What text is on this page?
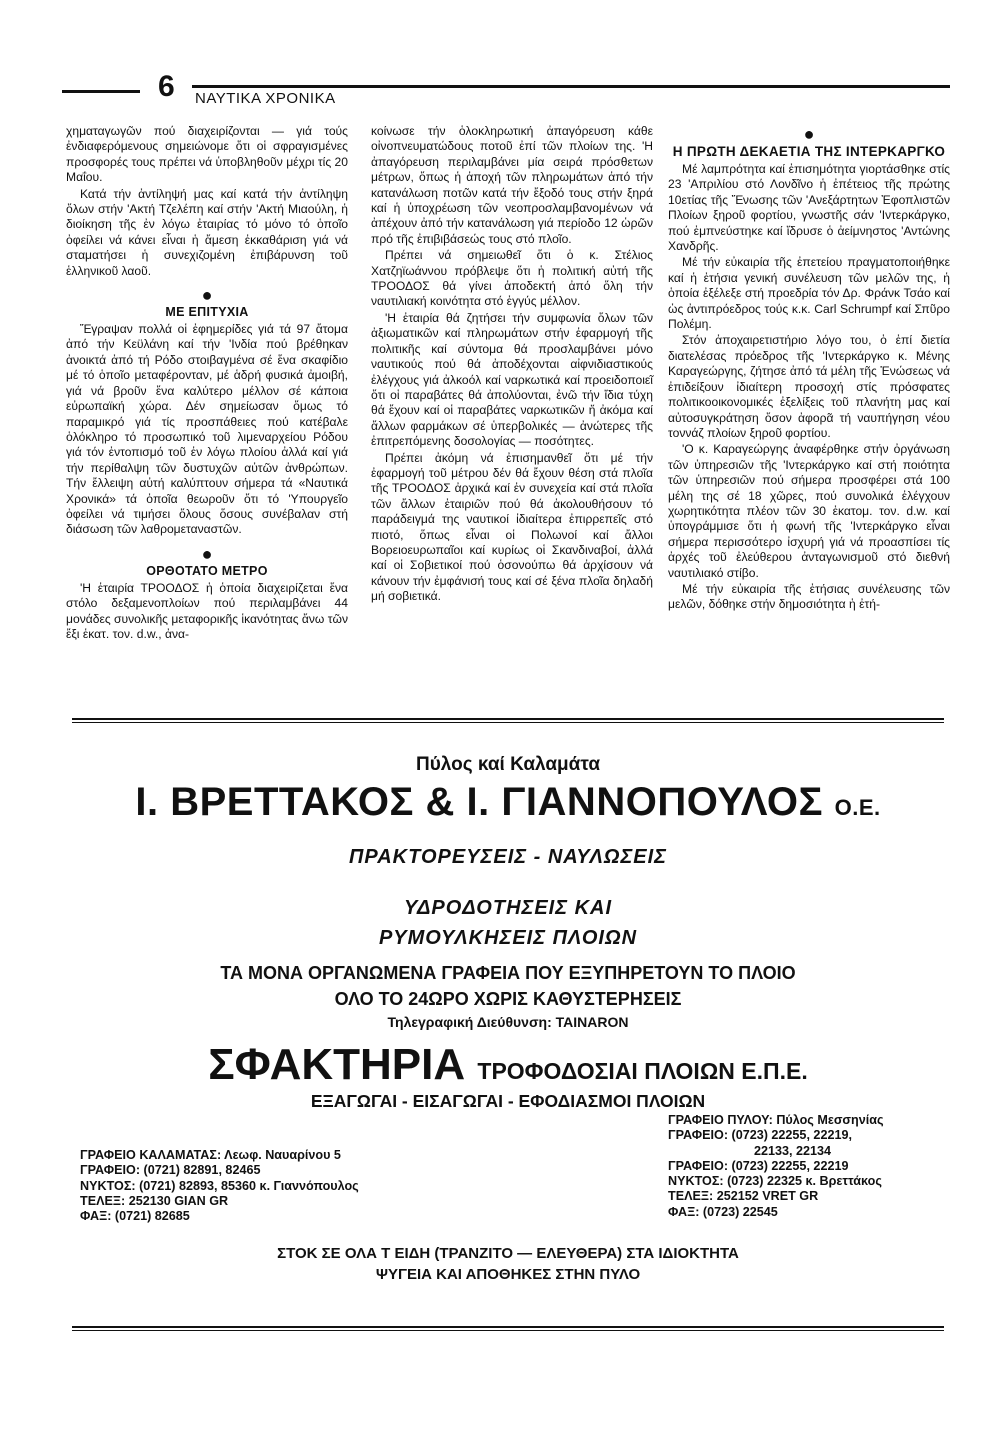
6 ΝΑΥΤΙΚΑ ΧΡΟΝΙΚΑ

χηματαγωγῶν πού διαχειρίζονται — γιά τούς ἐνδιαφερόμενους σημειώνομε ὅτι οἱ σφραγισμένες προσφορές τους πρέπει νά ὑποβληθοῦν μέχρι τίς 20 Μαΐου.

Κατά τήν ἀντίληψή μας καί κατά τήν ἀντίληψη ὅλων στήν 'Ακτή Τζελέπη καί στήν 'Ακτή Μιαούλη, ἡ διοίκηση τῆς ἐν λόγω ἐταιρίας τό μόνο τό ὁποῖο ὀφείλει νά κάνει εἶναι ἡ ἄμεση ἐκκαθάριση γιά νά σταματήσει ἡ συνεχιζομένη ἐπιβάρυνση τοῦ ἑλληνικοῦ λαοῦ.

●
ΜΕ ΕΠΙΤΥΧΙΑ

Ἔγραψαν πολλά οἱ ἐφημερίδες γιά τά 97 ἄτομα ἀπό τήν Κεϋλάνη καί τήν 'Ινδία πού βρέθηκαν ἀνοικτά ἀπό τή Ρόδο στοιβαγμένα σέ ἕνα σκαφίδιο μέ τό ὁποῖο μεταφέρονταν, μέ ἁδρή φυσικά ἀμοιβή, γιά νά βροῦν ἕνα καλύτερο μέλλον σέ κάποια εὐρωπαϊκή χώρα. Δέν σημείωσαν ὅμως τό παραμικρό γιά τίς προσπάθειες πού κατέβαλε ὁλόκληρο τό προσωπικό τοῦ λιμεναρχείου Ρόδου γιά τόν ἐντοπισμό τοῦ ἐν λόγω πλοίου ἀλλά καί γιά τήν περίθαλψη τῶν δυστυχῶν αὐτῶν ἀνθρώπων. Τήν ἔλλειψη αὐτή καλύπτουν σήμερα τά «Ναυτικά Χρονικά» τά ὁποῖα θεωροῦν ὅτι τό 'Υπουργεῖο ὀφείλει νά τιμήσει ὅλους ὅσους συνέβαλαν στή διάσωση τῶν λαθρομεταναστῶν.

●
ΟΡΘΟΤΑΤΟ ΜΕΤΡΟ

'Η ἐταιρία ΤΡΟΟΔΟΣ ἡ ὁποία διαχειρίζεται ἕνα στόλο δεξαμενοπλοίων πού περιλαμβάνει 44 μονάδες συνολικῆς μεταφορικῆς ἱκανότητας ἄνω τῶν ἔξι ἑκατ. τον. d.w., ἀνα-

κοίνωσε τήν ὁλοκληρωτική ἀπαγόρευση κάθε οἰνοπνευματώδους ποτοῦ ἐπί τῶν πλοίων της. 'Η ἀπαγόρευση περιλαμβάνει μία σειρά πρόσθετων μέτρων, ὅπως ἡ ἀποχή τῶν πληρωμάτων ἀπό τήν κατανάλωση ποτῶν κατά τήν ἔξοδό τους στήν ξηρά καί ἡ ὑποχρέωση τῶν νεοπροσλαμβανομένων νά ἀπέχουν ἀπό τήν κατανάλωση γιά περίοδο 12 ὡρῶν πρό τῆς ἐπιβιβάσεώς τους στό πλοῖο.

Πρέπει νά σημειωθεῖ ὅτι ὁ κ. Στέλιος Χατζηϊωάννου πρόβλεψε ὅτι ἡ πολιτική αὐτή τῆς ΤΡΟΟΔΟΣ θά γίνει ἀποδεκτή ἀπό ὅλη τήν ναυτιλιακή κοινότητα στό ἐγγύς μέλλον.

'Η ἐταιρία θά ζητήσει τήν συμφωνία ὅλων τῶν ἀξιωματικῶν καί πληρωμάτων στήν ἐφαρμογή τῆς πολιτικῆς καί σύντομα θά προσλαμβάνει μόνο ναυτικούς πού θά ἀποδέχονται αἰφνιδιαστικούς ἐλέγχους γιά ἀλκοόλ καί ναρκωτικά καί προειδοποιεῖ ὅτι οἱ παραβάτες θά ἀπολύονται, ἐνῶ τήν ἴδια τύχη θά ἔχουν καί οἱ παραβάτες ναρκωτικῶν ἤ ἀκόμα καί ἄλλων φαρμάκων σέ ὑπερβολικές — ἀνώτερες τῆς ἐπιτρεπόμενης δοσολογίας — ποσότητες.

Πρέπει ἀκόμη νά ἐπισημανθεῖ ὅτι μέ τήν ἐφαρμογή τοῦ μέτρου δέν θά ἔχουν θέση στά πλοῖα τῆς ΤΡΟΟΔΟΣ ἀρχικά καί ἐν συνεχεία καί στά πλοῖα τῶν ἄλλων ἐταιριῶν πού θά ἀκολουθήσουν τό παράδειγμά της ναυτικοί ἰδιαίτερα ἐπιρρεπεῖς στό πιοτό, ὅπως εἶναι οἱ Πολωνοί καί ἄλλοι Βορειοευρωπαῖοι καί κυρίως οἱ Σκανδιναβοί, ἀλλά καί οἱ Σοβιετικοί πού ὁσονούπω θά ἀρχίσουν νά κάνουν τήν ἐμφάνισή τους καί σέ ξένα πλοῖα δηλαδή μή σοβιετικά.

●
Η ΠΡΩΤΗ ΔΕΚΑΕΤΙΑ ΤΗΣ ΙΝΤΕΡΚΑΡΓΚΟ

Μέ λαμπρότητα καί ἐπισημότητα γιορτάσθηκε στίς 23 'Απριλίου στό Λονδῖνο ἡ ἐπέτειος τῆς πρώτης 10ετίας τῆς Ἕνωσης τῶν 'Ανεξάρτητων Ἐφοπλιστῶν Πλοίων ξηροῦ φορτίου, γνωστῆς σάν 'Ιντερκάργκο, πού ἐμπνεύστηκε καί ἵδρυσε ὁ ἀείμνηστος 'Αντώνης Χανδρῆς.

Μέ τήν εὐκαιρία τῆς ἐπετείου πραγματοποιήθηκε καί ἡ ἐτήσια γενική συνέλευση τῶν μελῶν της, ἡ ὁποία ἐξέλεξε στή προεδρία τόν Δρ. Φράνκ Τσάο καί ὡς ἀντιπρόεδρος τούς κ.κ. Carl Schrumpf καί Σπῦρο Πολέμη.

Στόν ἀποχαιρετιστήριο λόγο του, ὁ ἐπί διετία διατελέσας πρόεδρος τῆς 'Ιντερκάργκο κ. Μένης Καραγεώργης, ζήτησε ἀπό τά μέλη τῆς Ἑνώσεως νά ἐπιδείξουν ἰδιαίτερη προσοχή στίς πρόσφατες πολιτικοοικονομικές ἐξελίξεις τοῦ πλανήτη μας καί αὐτοσυγκράτηση ὅσον ἀφορᾶ τή ναυπήγηση νέου τοννάζ πλοίων ξηροῦ φορτίου.

'Ο κ. Καραγεώργης ἀναφέρθηκε στήν ὀργάνωση τῶν ὑπηρεσιῶν τῆς 'Ιντερκάργκο καί στή ποιότητα τῶν ὑπηρεσιῶν πού σήμερα προσφέρει στά 100 μέλη της σέ 18 χῶρες, πού συνολικά ἐλέγχουν χωρητικότητα πλέον τῶν 30 ἑκατομ. τον. d.w. καί ὑπογράμμισε ὅτι ἡ φωνή τῆς 'Ιντερκάργκο εἶναι σήμερα περισσότερο ἰσχυρή γιά νά προασπίσει τίς ἀρχές τοῦ ἐλεύθερου ἀνταγωνισμοῦ στό διεθνή ναυτιλιακό στίβο.

Μέ τήν εὐκαιρία τῆς ἐτήσιας συνέλευσης τῶν μελῶν, δόθηκε στήν δημοσιότητα ἡ ἐτή-

Πύλος καί Καλαμάτα
Ι. ΒΡΕΤΤΑΚΟΣ & Ι. ΓΙΑΝΝΟΠΟΥΛΟΣ Ο.Ε.
ΠΡΑΚΤΟΡΕΥΣΕΙΣ - ΝΑΥΛΩΣΕΙΣ
ΥΔΡΟΔΟΤΗΣΕΙΣ ΚΑΙ
ΡΥΜΟΥΛΚΗΣΕΙΣ ΠΛΟΙΩΝ
ΤΑ ΜΟΝΑ ΟΡΓΑΝΩΜΕΝΑ ΓΡΑΦΕΙΑ ΠΟΥ ΕΞΥΠΗΡΕΤΟΥΝ ΤΟ ΠΛΟΙΟ
ΟΛΟ ΤΟ 24ΩΡΟ ΧΩΡΙΣ ΚΑΘΥΣΤΕΡΗΣΕΙΣ
Τηλεγραφική Διεύθυνση: TAINARON
ΣΦΑΚΤΗΡΙΑ ΤΡΟΦΟΔΟΣΙΑΙ ΠΛΟΙΩΝ Ε.Π.Ε.
ΕΞΑΓΩΓΑΙ - ΕΙΣΑΓΩΓΑΙ - ΕΦΟΔΙΑΣΜΟΙ ΠΛΟΙΩΝ
ΓΡΑΦΕΙΟ ΚΑΛΑΜΑΤΑΣ: Λεωφ. Ναυαρίνου 5
ΓΡΑΦΕΙΟ: (0721) 82891, 82465
ΝΥΚΤΟΣ: (0721) 82893, 85360 κ. Γιαννόπουλος
ΤΕΛΕΞ: 252130 GIAN GR
ΦΑΞ: (0721) 82685
ΓΡΑΦΕΙΟ ΠΥΛΟΥ: Πύλος Μεσσηνίας
ΓΡΑΦΕΙΟ: (0723) 22255, 22219,
22133, 22134
ΓΡΑΦΕΙΟ: (0723) 22255, 22219
ΝΥΚΤΟΣ: (0723) 22325 κ. Βρεττάκος
ΤΕΛΕΞ: 252152 VRET GR
ΦΑΞ: (0723) 22545
ΣΤΟΚ ΣΕ ΟΛΑ Τ ΕΙΔΗ (ΤΡΑΝΖΙΤΟ — ΕΛΕΥΘΕΡΑ) ΣΤΑ ΙΔΙΟΚΤΗΤΑ
ΨΥΓΕΙΑ ΚΑΙ ΑΠΟΘΗΚΕΣ ΣΤΗΝ ΠΥΛΟ
